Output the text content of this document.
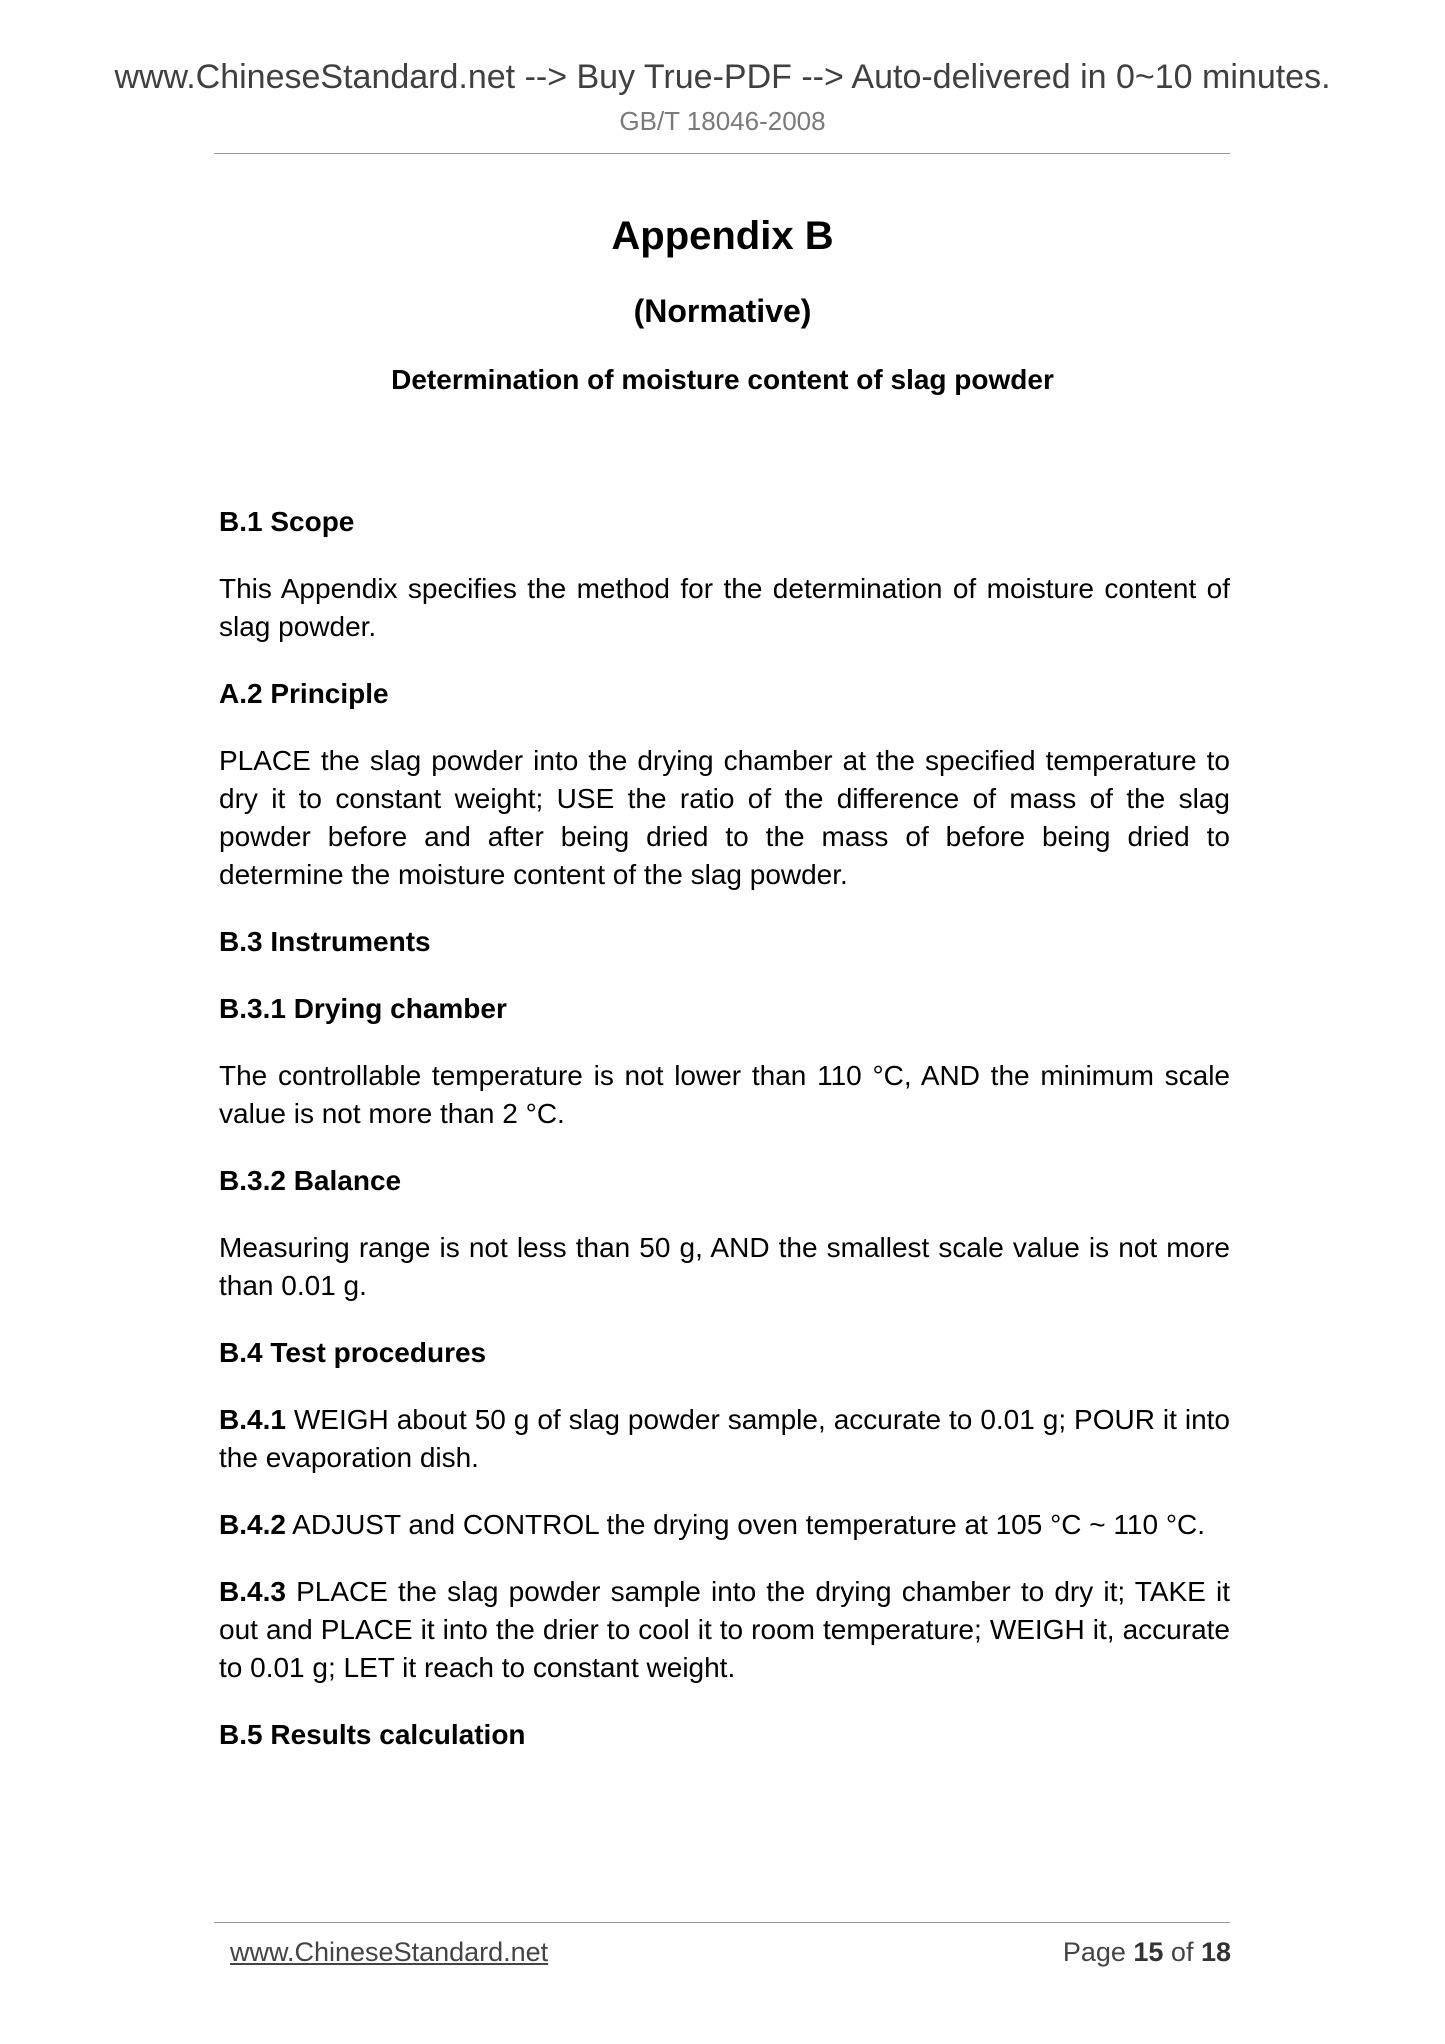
www.ChineseStandard.net --> Buy True-PDF --> Auto-delivered in 0~10 minutes.
GB/T 18046-2008
Appendix B
(Normative)
Determination of moisture content of slag powder
B.1 Scope

This Appendix specifies the method for the determination of moisture content of slag powder.

A.2 Principle

PLACE the slag powder into the drying chamber at the specified temperature to dry it to constant weight; USE the ratio of the difference of mass of the slag powder before and after being dried to the mass of before being dried to determine the moisture content of the slag powder.

B.3 Instruments
B.3.1 Drying chamber

The controllable temperature is not lower than 110 °C, AND the minimum scale value is not more than 2 °C.

B.3.2 Balance

Measuring range is not less than 50 g, AND the smallest scale value is not more than 0.01 g.

B.4 Test procedures

B.4.1 WEIGH about 50 g of slag powder sample, accurate to 0.01 g; POUR it into the evaporation dish.

B.4.2 ADJUST and CONTROL the drying oven temperature at 105 °C ~ 110 °C.

B.4.3 PLACE the slag powder sample into the drying chamber to dry it; TAKE it out and PLACE it into the drier to cool it to room temperature; WEIGH it, accurate to 0.01 g; LET it reach to constant weight.

B.5 Results calculation
www.ChineseStandard.net	Page 15 of 18
